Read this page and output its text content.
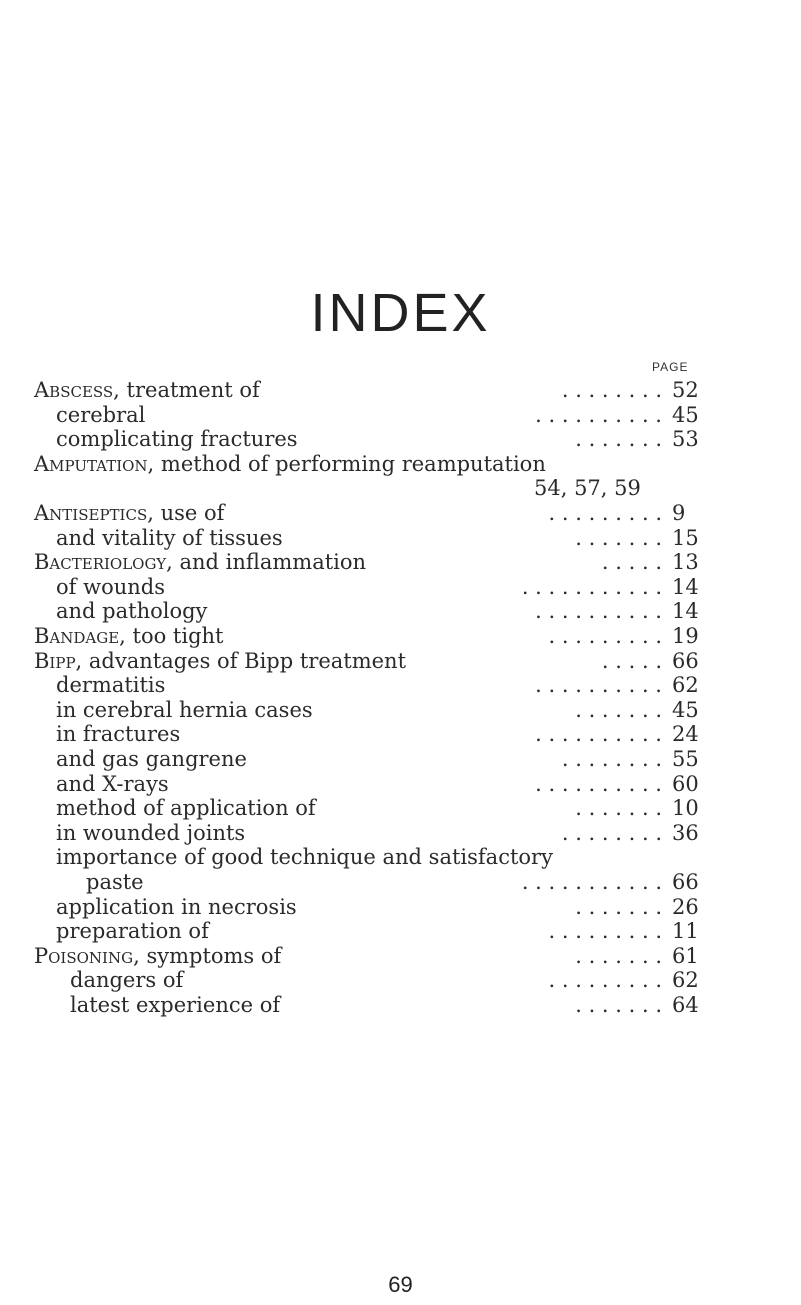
INDEX
PAGE
Abscess, treatment of	. . . . . . . . 52
cerebral	. . . . . . . . . . 45
complicating fractures	. . . . . . . 53
Amputation, method of performing reamputation
54, 57, 59
Antiseptics, use of	. . . . . . . . . 9
and vitality of tissues	. . . . . . . 15
Bacteriology, and inflammation	. . . . . 13
of wounds	. . . . . . . . . . . 14
and pathology	. . . . . . . . . . 14
Bandage, too tight	. . . . . . . . . 19
Bipp, advantages of Bipp treatment	. . . . . 66
dermatitis	. . . . . . . . . . 62
in cerebral hernia cases	. . . . . . . 45
in fractures	. . . . . . . . . . 24
and gas gangrene	. . . . . . . . 55
and X-rays	. . . . . . . . . . 60
method of application of	. . . . . . . 10
in wounded joints	. . . . . . . . 36
importance of good technique and satisfactory
paste	. . . . . . . . . . . 66
application in necrosis	. . . . . . . 26
preparation of	. . . . . . . . . 11
Poisoning, symptoms of	. . . . . . . 61
dangers of	. . . . . . . . . 62
latest experience of	. . . . . . . 64
69
